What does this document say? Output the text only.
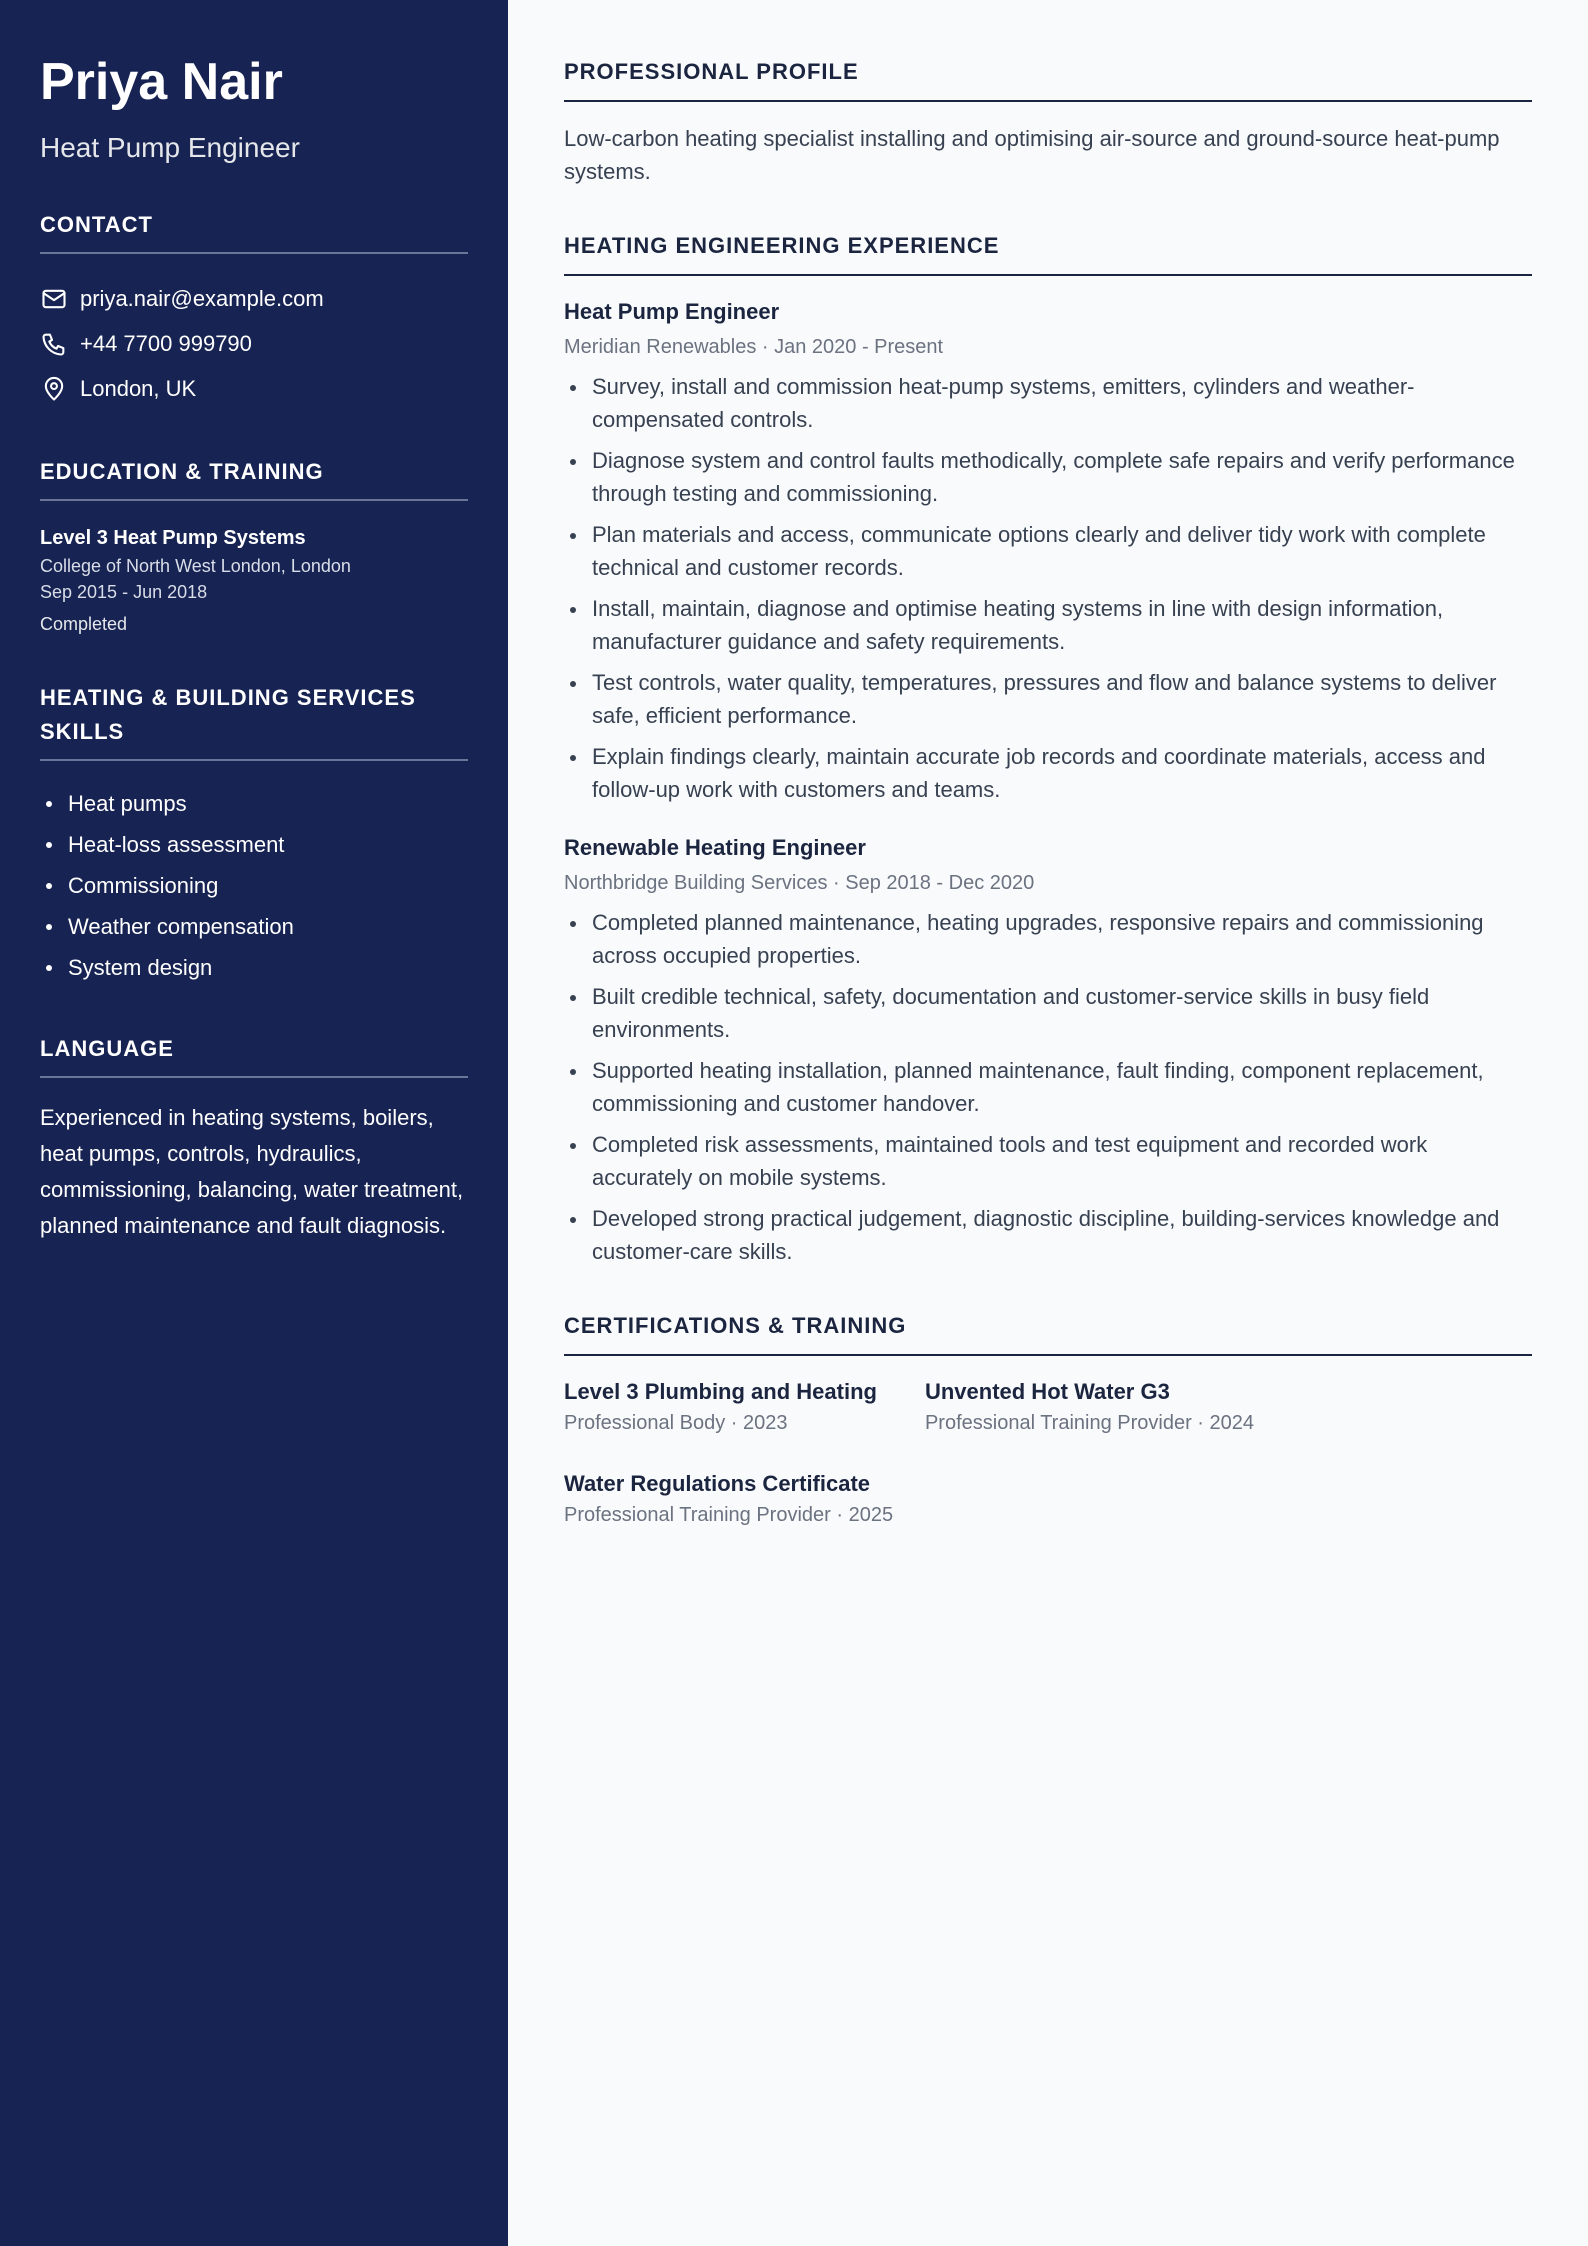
Priya Nair
Heat Pump Engineer
CONTACT
priya.nair@example.com
+44 7700 999790
London, UK
EDUCATION & TRAINING
Level 3 Heat Pump Systems
College of North West London, London
Sep 2015 - Jun 2018
Completed
HEATING & BUILDING SERVICES SKILLS
Heat pumps
Heat-loss assessment
Commissioning
Weather compensation
System design
LANGUAGE

Experienced in heating systems, boilers, heat pumps, controls, hydraulics, commissioning, balancing, water treatment, planned maintenance and fault diagnosis.

PROFESSIONAL PROFILE

Low-carbon heating specialist installing and optimising air-source and ground-source heat-pump systems.

HEATING ENGINEERING EXPERIENCE
Heat Pump Engineer
Meridian Renewables · Jan 2020 - Present
Survey, install and commission heat-pump systems, emitters, cylinders and weather-compensated controls.
Diagnose system and control faults methodically, complete safe repairs and verify performance through testing and commissioning.
Plan materials and access, communicate options clearly and deliver tidy work with complete technical and customer records.
Install, maintain, diagnose and optimise heating systems in line with design information, manufacturer guidance and safety requirements.
Test controls, water quality, temperatures, pressures and flow and balance systems to deliver safe, efficient performance.
Explain findings clearly, maintain accurate job records and coordinate materials, access and follow-up work with customers and teams.
Renewable Heating Engineer
Northbridge Building Services · Sep 2018 - Dec 2020
Completed planned maintenance, heating upgrades, responsive repairs and commissioning across occupied properties.
Built credible technical, safety, documentation and customer-service skills in busy field environments.
Supported heating installation, planned maintenance, fault finding, component replacement, commissioning and customer handover.
Completed risk assessments, maintained tools and test equipment and recorded work accurately on mobile systems.
Developed strong practical judgement, diagnostic discipline, building-services knowledge and customer-care skills.
CERTIFICATIONS & TRAINING
Level 3 Plumbing and Heating
Professional Body · 2023
Unvented Hot Water G3
Professional Training Provider · 2024
Water Regulations Certificate
Professional Training Provider · 2025
